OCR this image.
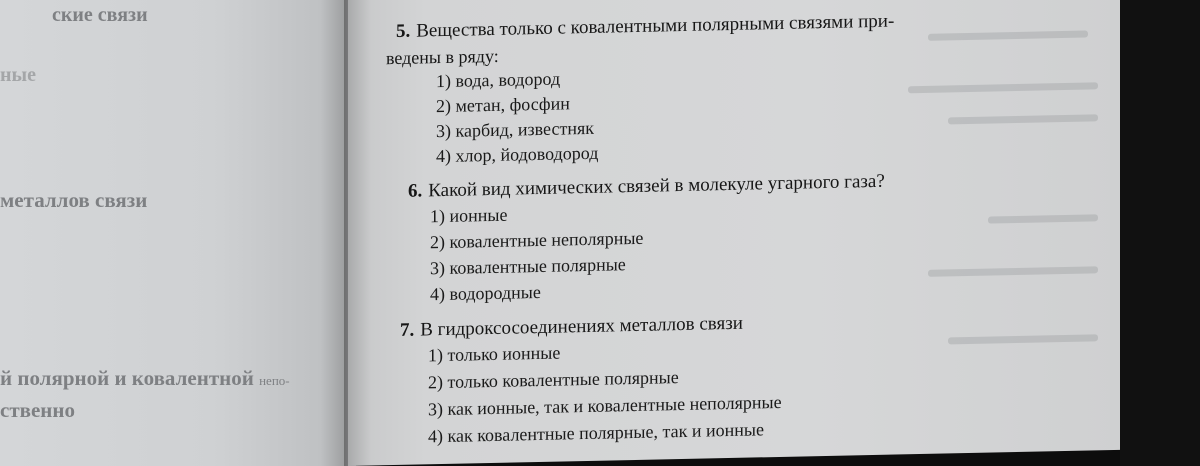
ские связи
ные
металлов связи
й полярной и ковалентной непо-
ственно
5. Вещества только с ковалентными полярными связями при-
ведены в ряду:
1) вода, водород
2) метан, фосфин
3) карбид, известняк
4) хлор, йодоводород
6. Какой вид химических связей в молекуле угарного газа?
1) ионные
2) ковалентные неполярные
3) ковалентные полярные
4) водородные
7. В гидроксосоединениях металлов связи
1) только ионные
2) только ковалентные полярные
3) как ионные, так и ковалентные неполярные
4) как ковалентные полярные, так и ионные
